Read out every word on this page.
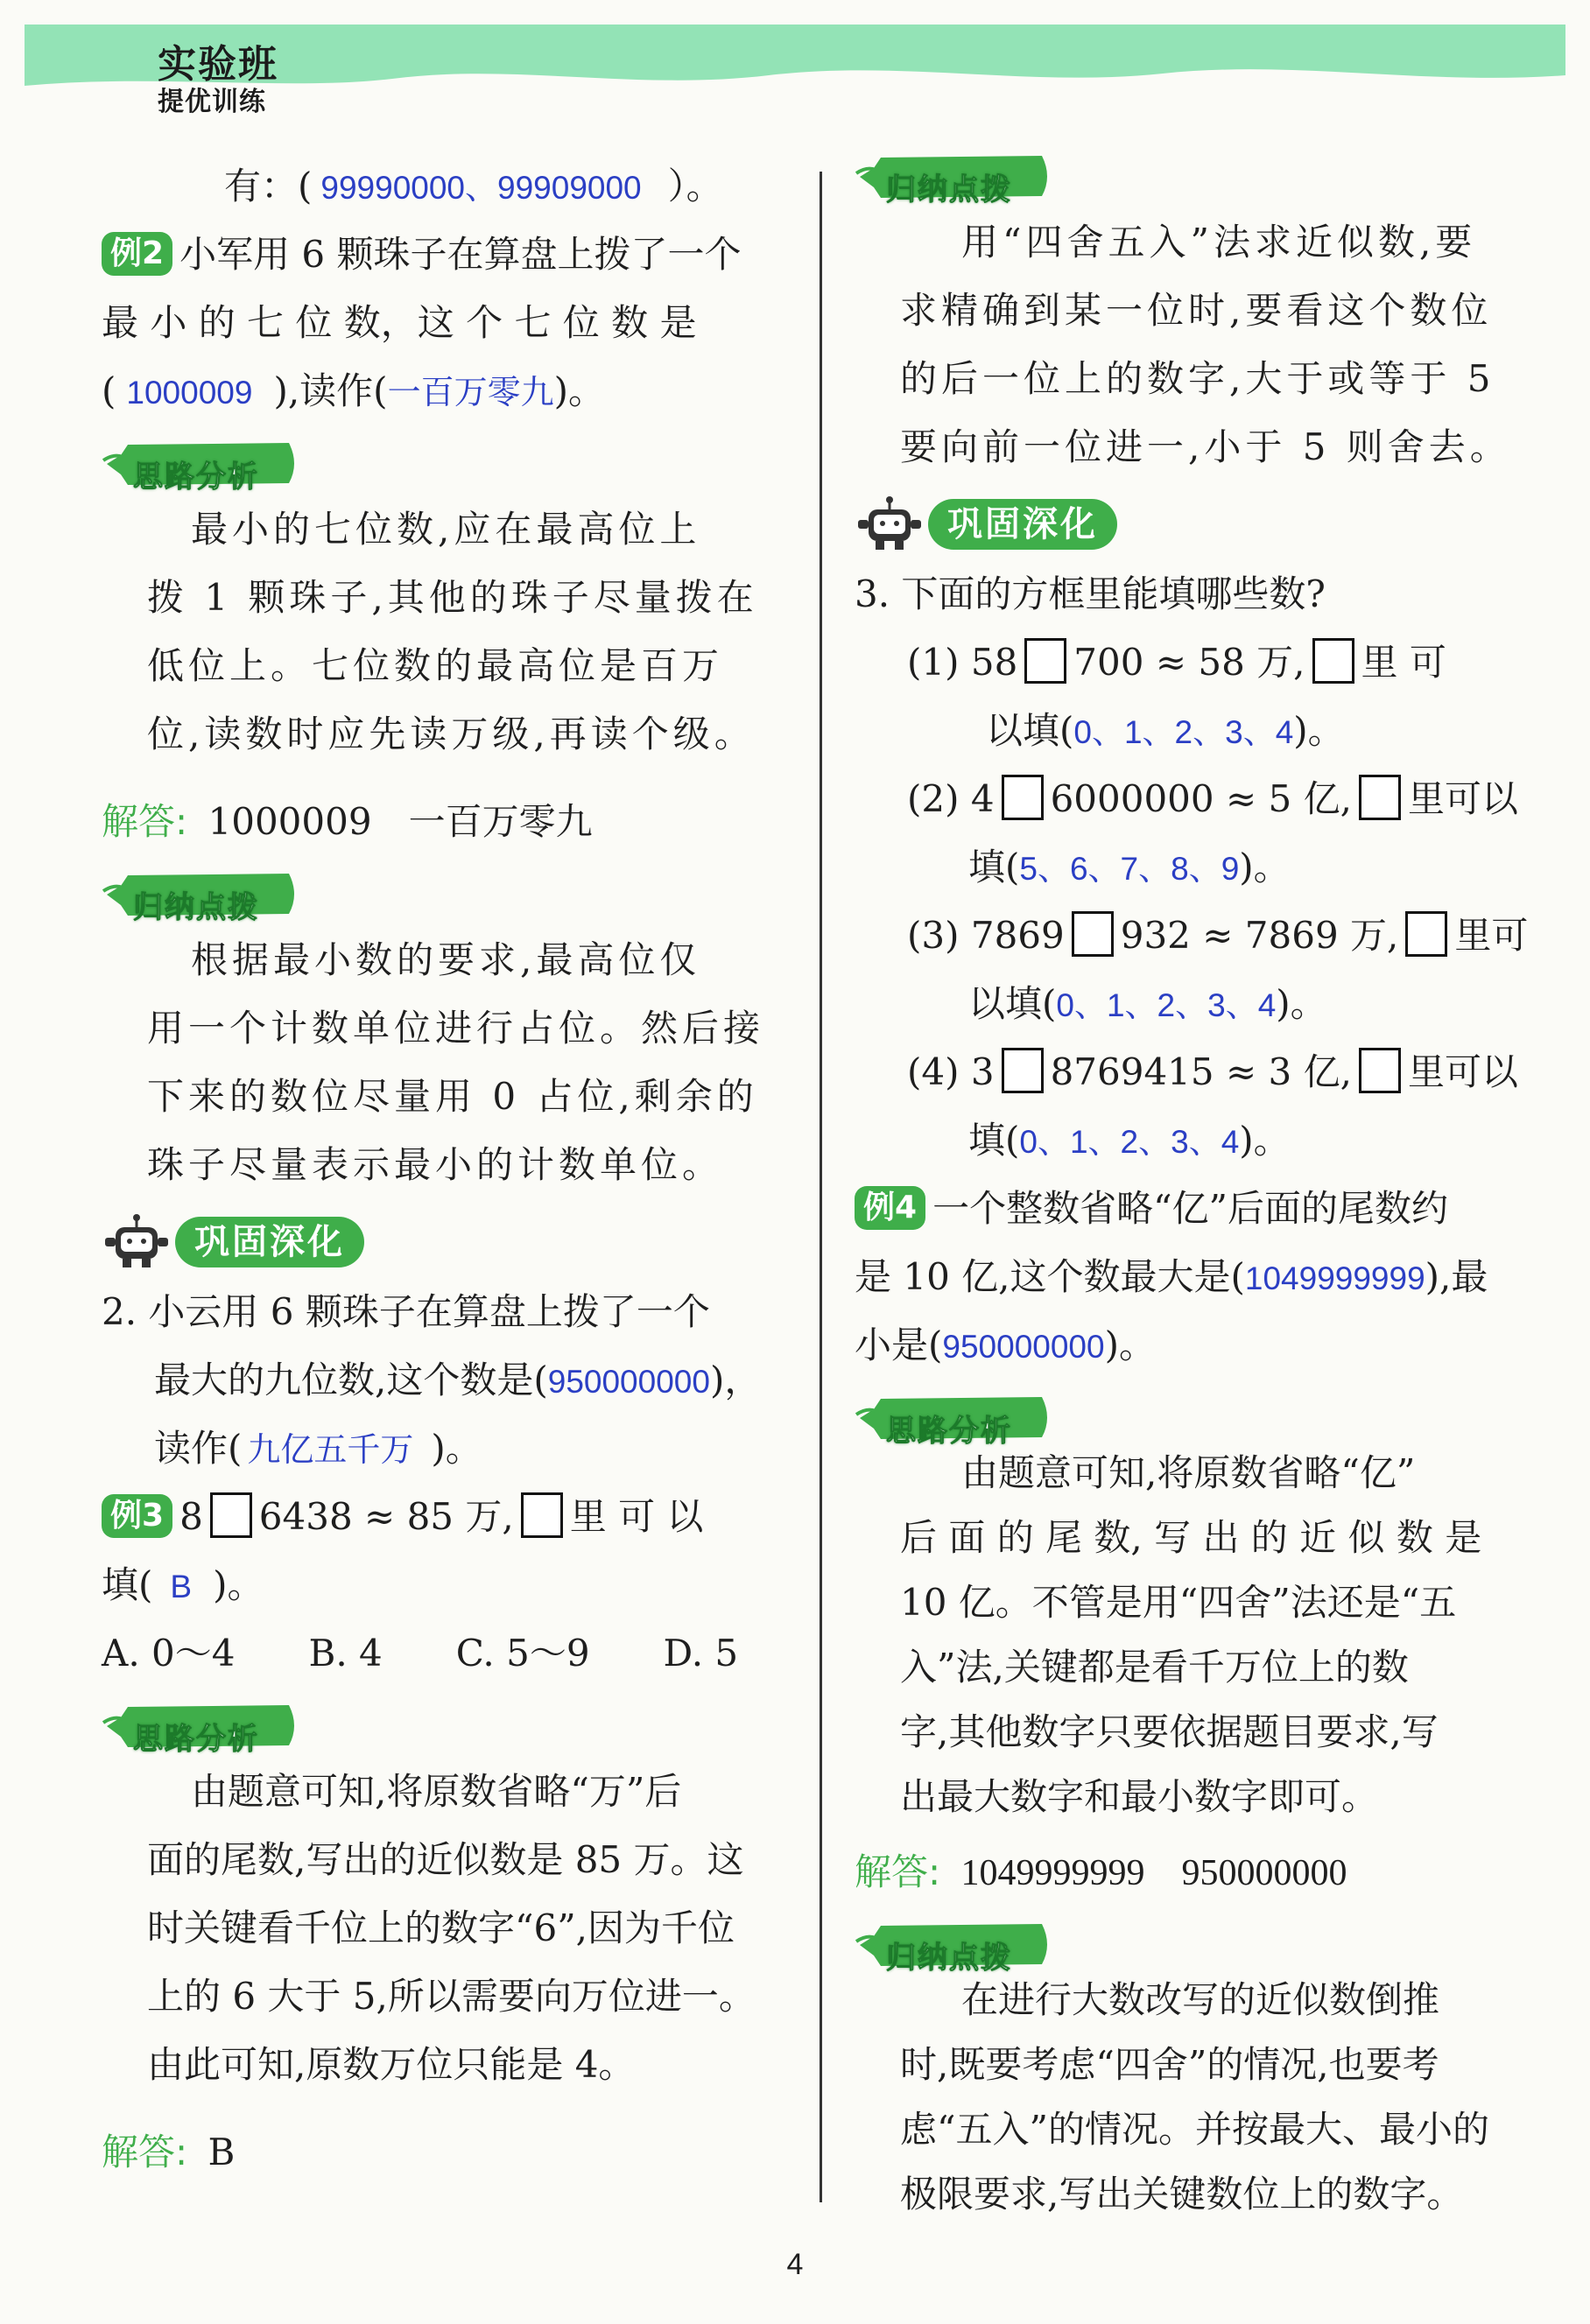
实验班
提优训练
有：( 99990000、99909000 ）。
例2 小军用 6 颗珠子在算盘上拨了一个
最 小 的 七 位 数，这 个 七 位 数 是
( 1000009 ),读作(一百万零九)。
思路分析
最小的七位数,应在最高位上
拨 1 颗珠子,其他的珠子尽量拨在
低位上。七位数的最高位是百万
位,读数时应先读万级,再读个级。
解答: 1000009　一百万零九
归纳点拨
根据最小数的要求,最高位仅
用一个计数单位进行占位。然后接
下来的数位尽量用 0 占位,剩余的
珠子尽量表示最小的计数单位。
巩固深化
2. 小云用 6 颗珠子在算盘上拨了一个
最大的九位数,这个数是(950000000)，
读作( 九亿五千万 )。
例3 8 6438 ≈ 85 万, 里 可 以
填( B )。
A. 0～4　　B. 4　　C. 5～9　　D. 5
思路分析
由题意可知,将原数省略“万”后
面的尾数,写出的近似数是 85 万。这
时关键看千位上的数字“6”,因为千位
上的 6 大于 5,所以需要向万位进一。
由此可知,原数万位只能是 4。
解答: B
归纳点拨
用“四舍五入”法求近似数,要
求精确到某一位时,要看这个数位
的后一位上的数字,大于或等于 5
要向前一位进一,小于 5 则舍去。
巩固深化
3. 下面的方框里能填哪些数?
(1) 58 700 ≈ 58 万, 里 可
以填(0、1、2、3、4)。
(2) 4 6000000 ≈ 5 亿, 里可以
填(5、6、7、8、9)。
(3) 7869 932 ≈ 7869 万, 里可
以填(0、1、2、3、4)。
(4) 3 8769415 ≈ 3 亿, 里可以
填(0、1、2、3、4)。
例4 一个整数省略“亿”后面的尾数约
是 10 亿,这个数最大是(1049999999),最
小是(950000000)。
思路分析
由题意可知,将原数省略“亿”
后 面 的 尾 数, 写 出 的 近 似 数 是
10 亿。不管是用“四舍”法还是“五
入”法,关键都是看千万位上的数
字,其他数字只要依据题目要求,写
出最大数字和最小数字即可。
解答: 1049999999　950000000
归纳点拨
在进行大数改写的近似数倒推
时,既要考虑“四舍”的情况,也要考
虑“五入”的情况。并按最大、最小的
极限要求,写出关键数位上的数字。
4
